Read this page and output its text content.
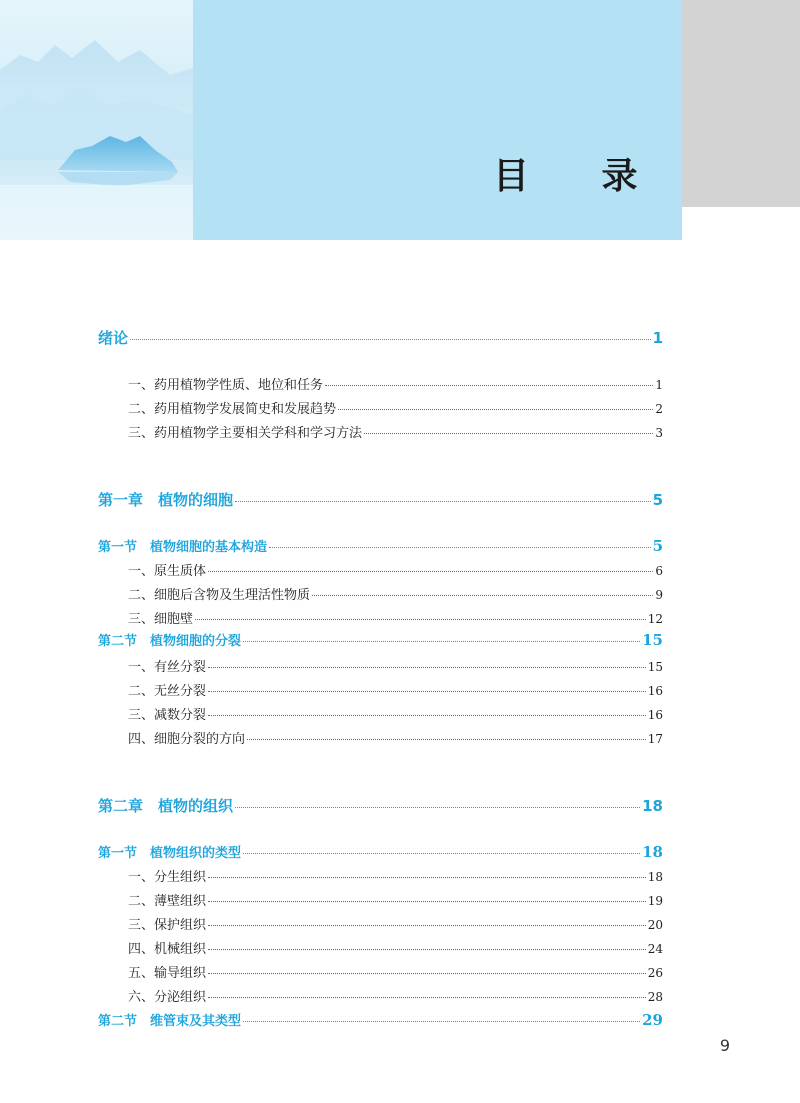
目 录
绪论	1
一、药用植物学性质、地位和任务	1
二、药用植物学发展简史和发展趋势	2
三、药用植物学主要相关学科和学习方法	3
第一章　植物的细胞	5
第一节　植物细胞的基本构造	5
一、原生质体	6
二、细胞后含物及生理活性物质	9
三、细胞壁	12
第二节　植物细胞的分裂	15
一、有丝分裂	15
二、无丝分裂	16
三、减数分裂	16
四、细胞分裂的方向	17
第二章　植物的组织	18
第一节　植物组织的类型	18
一、分生组织	18
二、薄壁组织	19
三、保护组织	20
四、机械组织	24
五、输导组织	26
六、分泌组织	28
第二节　维管束及其类型	29
9
